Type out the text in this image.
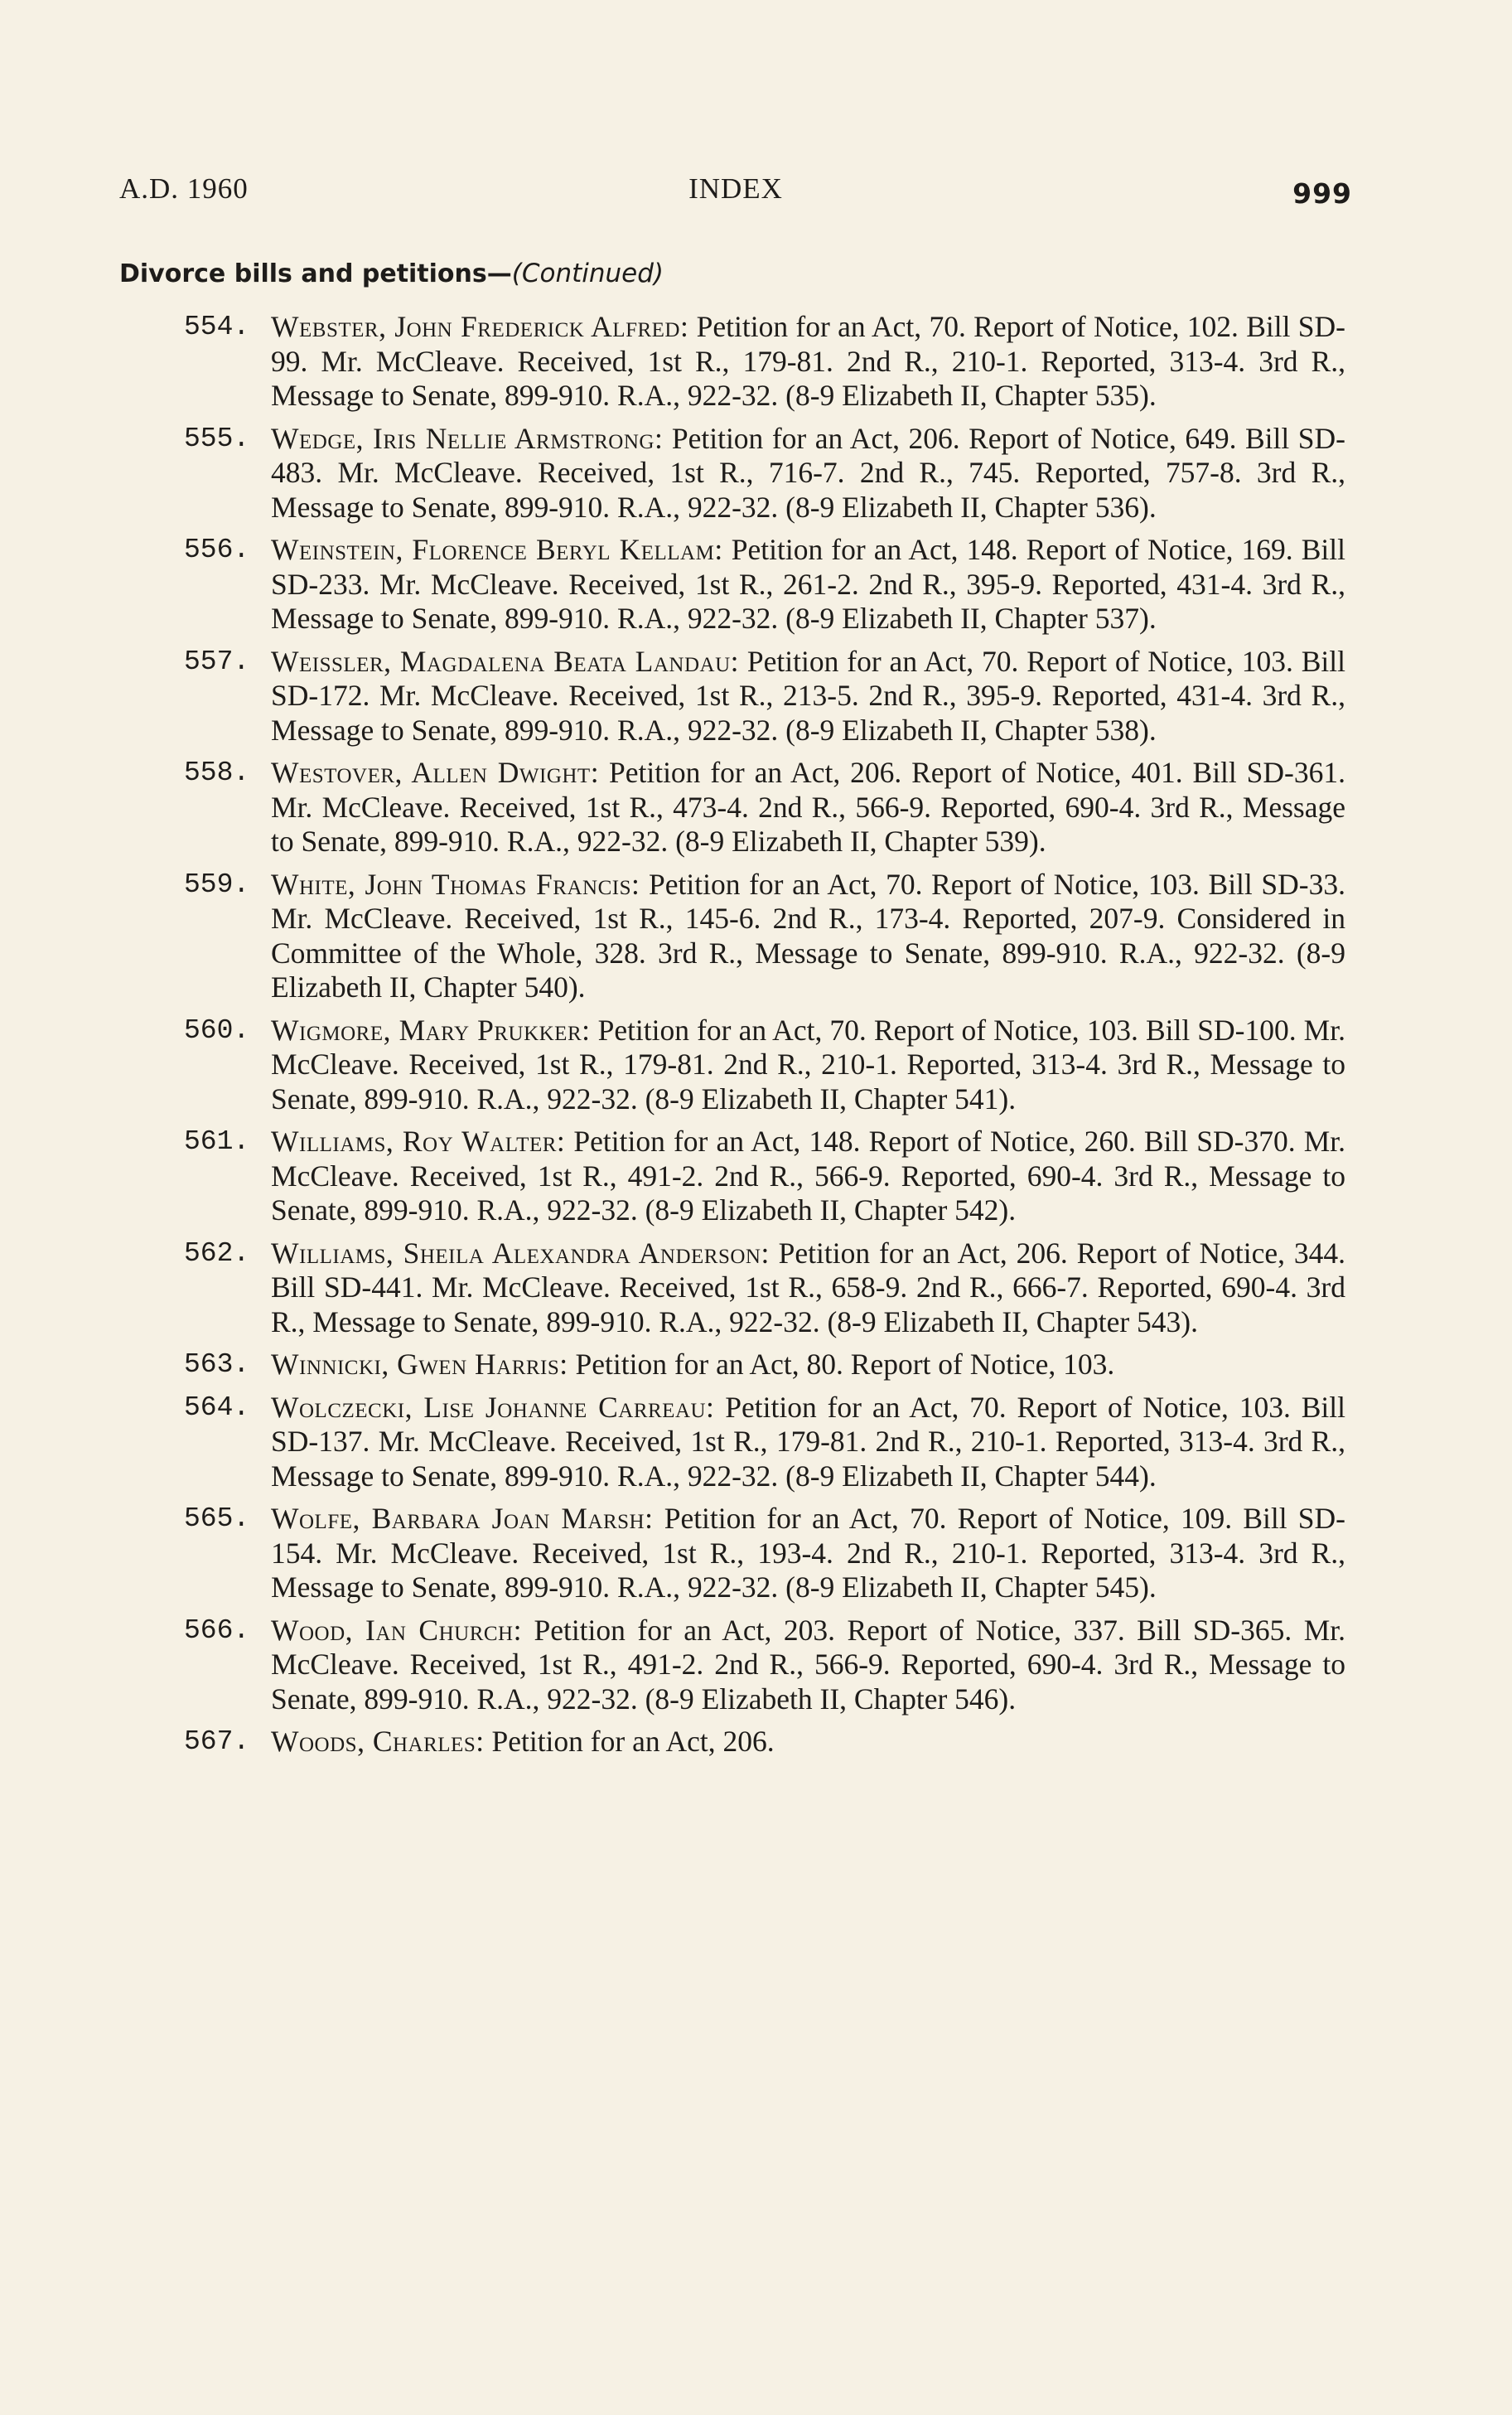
A.D. 1960	INDEX	999
Divorce bills and petitions—(Continued)
554. Webster, John Frederick Alfred: Petition for an Act, 70. Report of Notice, 102. Bill SD-99. Mr. McCleave. Received, 1st R., 179-81. 2nd R., 210-1. Reported, 313-4. 3rd R., Message to Senate, 899-910. R.A., 922-32. (8-9 Elizabeth II, Chapter 535).
555. Wedge, Iris Nellie Armstrong: Petition for an Act, 206. Report of Notice, 649. Bill SD-483. Mr. McCleave. Received, 1st R., 716-7. 2nd R., 745. Reported, 757-8. 3rd R., Message to Senate, 899-910. R.A., 922-32. (8-9 Elizabeth II, Chapter 536).
556. Weinstein, Florence Beryl Kellam: Petition for an Act, 148. Report of Notice, 169. Bill SD-233. Mr. McCleave. Received, 1st R., 261-2. 2nd R., 395-9. Reported, 431-4. 3rd R., Message to Senate, 899-910. R.A., 922-32. (8-9 Elizabeth II, Chapter 537).
557. Weissler, Magdalena Beata Landau: Petition for an Act, 70. Report of Notice, 103. Bill SD-172. Mr. McCleave. Received, 1st R., 213-5. 2nd R., 395-9. Reported, 431-4. 3rd R., Message to Senate, 899-910. R.A., 922-32. (8-9 Elizabeth II, Chapter 538).
558. Westover, Allen Dwight: Petition for an Act, 206. Report of Notice, 401. Bill SD-361. Mr. McCleave. Received, 1st R., 473-4. 2nd R., 566-9. Reported, 690-4. 3rd R., Message to Senate, 899-910. R.A., 922-32. (8-9 Elizabeth II, Chapter 539).
559. White, John Thomas Francis: Petition for an Act, 70. Report of Notice, 103. Bill SD-33. Mr. McCleave. Received, 1st R., 145-6. 2nd R., 173-4. Reported, 207-9. Considered in Committee of the Whole, 328. 3rd R., Message to Senate, 899-910. R.A., 922-32. (8-9 Elizabeth II, Chapter 540).
560. Wigmore, Mary Prukker: Petition for an Act, 70. Report of Notice, 103. Bill SD-100. Mr. McCleave. Received, 1st R., 179-81. 2nd R., 210-1. Reported, 313-4. 3rd R., Message to Senate, 899-910. R.A., 922-32. (8-9 Elizabeth II, Chapter 541).
561. Williams, Roy Walter: Petition for an Act, 148. Report of Notice, 260. Bill SD-370. Mr. McCleave. Received, 1st R., 491-2. 2nd R., 566-9. Reported, 690-4. 3rd R., Message to Senate, 899-910. R.A., 922-32. (8-9 Elizabeth II, Chapter 542).
562. Williams, Sheila Alexandra Anderson: Petition for an Act, 206. Report of Notice, 344. Bill SD-441. Mr. McCleave. Received, 1st R., 658-9. 2nd R., 666-7. Reported, 690-4. 3rd R., Message to Senate, 899-910. R.A., 922-32. (8-9 Elizabeth II, Chapter 543).
563. Winnicki, Gwen Harris: Petition for an Act, 80. Report of Notice, 103.
564. Wolczecki, Lise Johanne Carreau: Petition for an Act, 70. Report of Notice, 103. Bill SD-137. Mr. McCleave. Received, 1st R., 179-81. 2nd R., 210-1. Reported, 313-4. 3rd R., Message to Senate, 899-910. R.A., 922-32. (8-9 Elizabeth II, Chapter 544).
565. Wolfe, Barbara Joan Marsh: Petition for an Act, 70. Report of Notice, 109. Bill SD-154. Mr. McCleave. Received, 1st R., 193-4. 2nd R., 210-1. Reported, 313-4. 3rd R., Message to Senate, 899-910. R.A., 922-32. (8-9 Elizabeth II, Chapter 545).
566. Wood, Ian Church: Petition for an Act, 203. Report of Notice, 337. Bill SD-365. Mr. McCleave. Received, 1st R., 491-2. 2nd R., 566-9. Reported, 690-4. 3rd R., Message to Senate, 899-910. R.A., 922-32. (8-9 Elizabeth II, Chapter 546).
567. Woods, Charles: Petition for an Act, 206.
